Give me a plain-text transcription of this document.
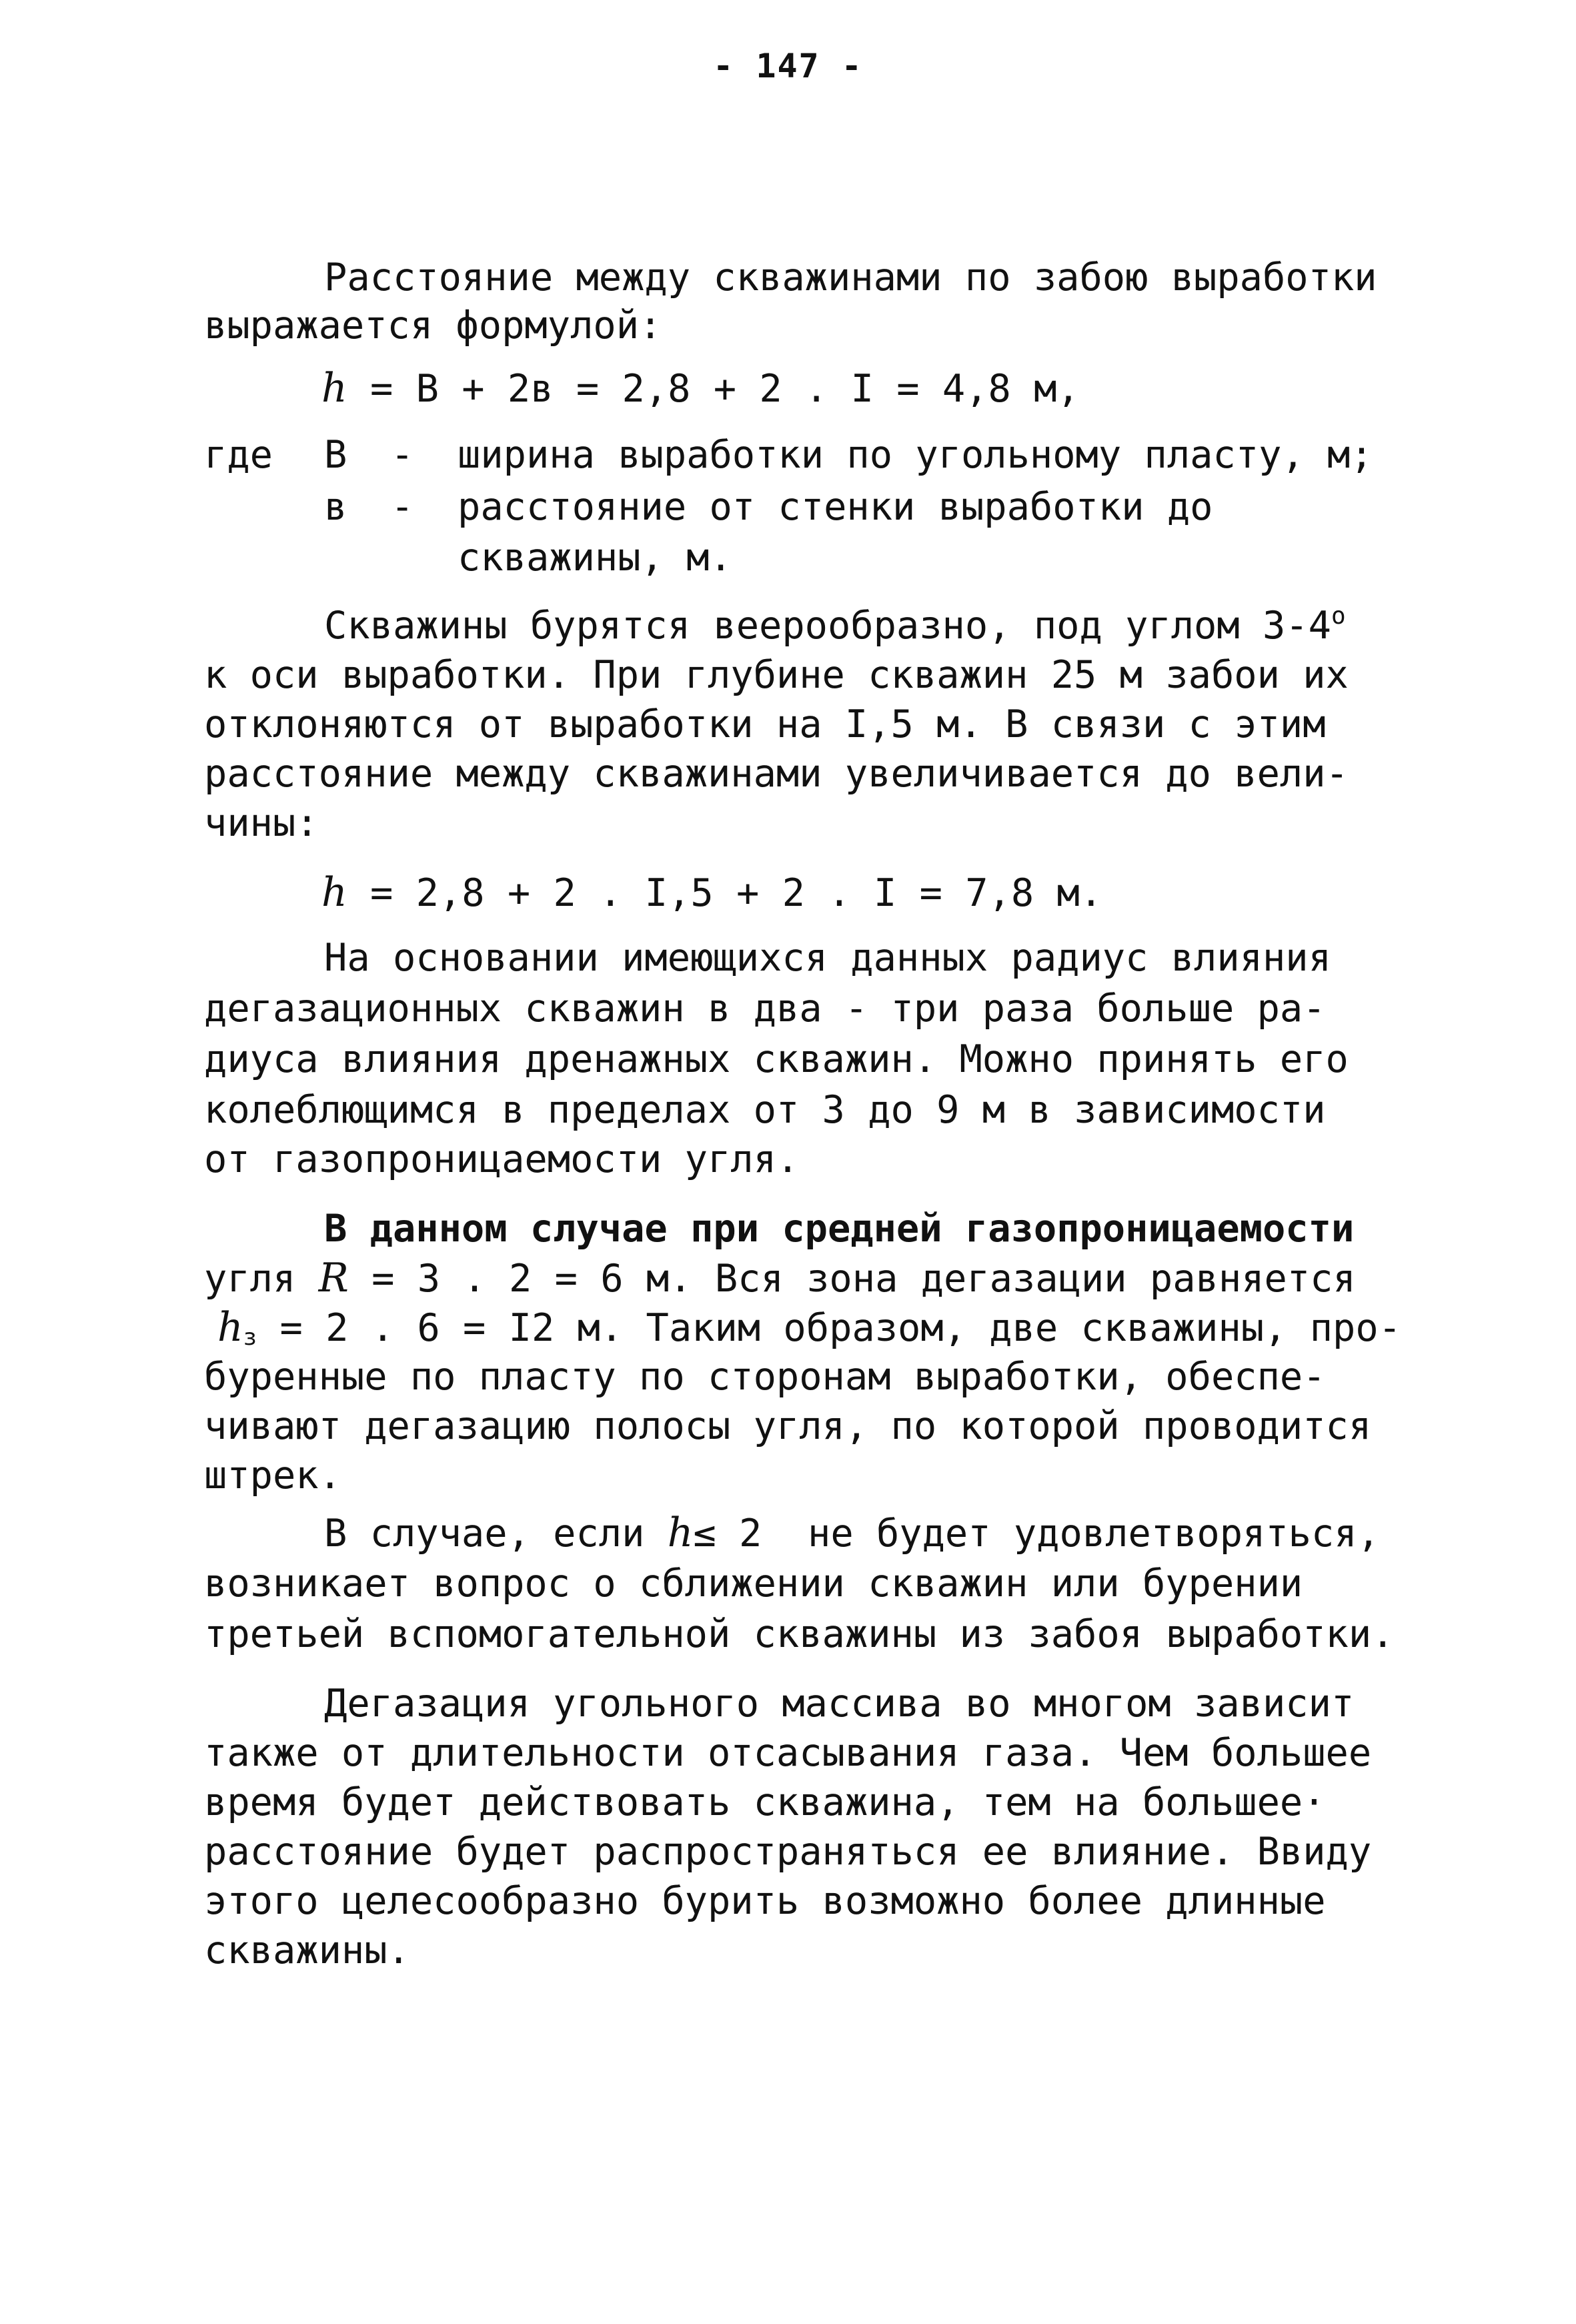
- 147 -
Расстояние между скважинами по забою выработки
выражается формулой:
h = В + 2в = 2,8 + 2 . I = 4,8 м,
где В - ширина выработки по угольному пласту, м;
в - расстояние от стенки выработки до
скважины, м.
Скважины бурятся веерообразно, под углом $3-4^о$
к оси выработки. При глубине скважин 25 м забои их
отклоняются от выработки на I,5 м. В связи с этим
расстояние между скважинами увеличивается до вели-
чины:
h = 2,8 + 2 . I,5 + 2 . I = 7,8 м.
На основании имеющихся данных радиус влияния
дегазационных скважин в два - три раза больше ра-
диуса влияния дренажных скважин. Можно принять его
колеблющимся в пределах от 3 до 9 м в зависимости
от газопроницаемости угля.
В данном случае при средней газопроницаемости
угля R = 3 . 2 = 6 м. Вся зона дегазации равняется
$h_з = 2$ . 6 = I2 м. Таким образом, две скважины, про-
буренные по пласту по сторонам выработки, обеспе-
чивают дегазацию полосы угля, по которой проводится
штрек.
В случае, если h≤ 2  не будет удовлетворяться,
возникает вопрос о сближении скважин или бурении
третьей вспомогательной скважины из забоя выработки.
Дегазация угольного массива во многом зависит
также от длительности отсасывания газа. Чем большее
время будет действовать скважина, тем на большее·
расстояние будет распространяться ее влияние. Ввиду
этого целесообразно бурить возможно более длинные
скважины.
